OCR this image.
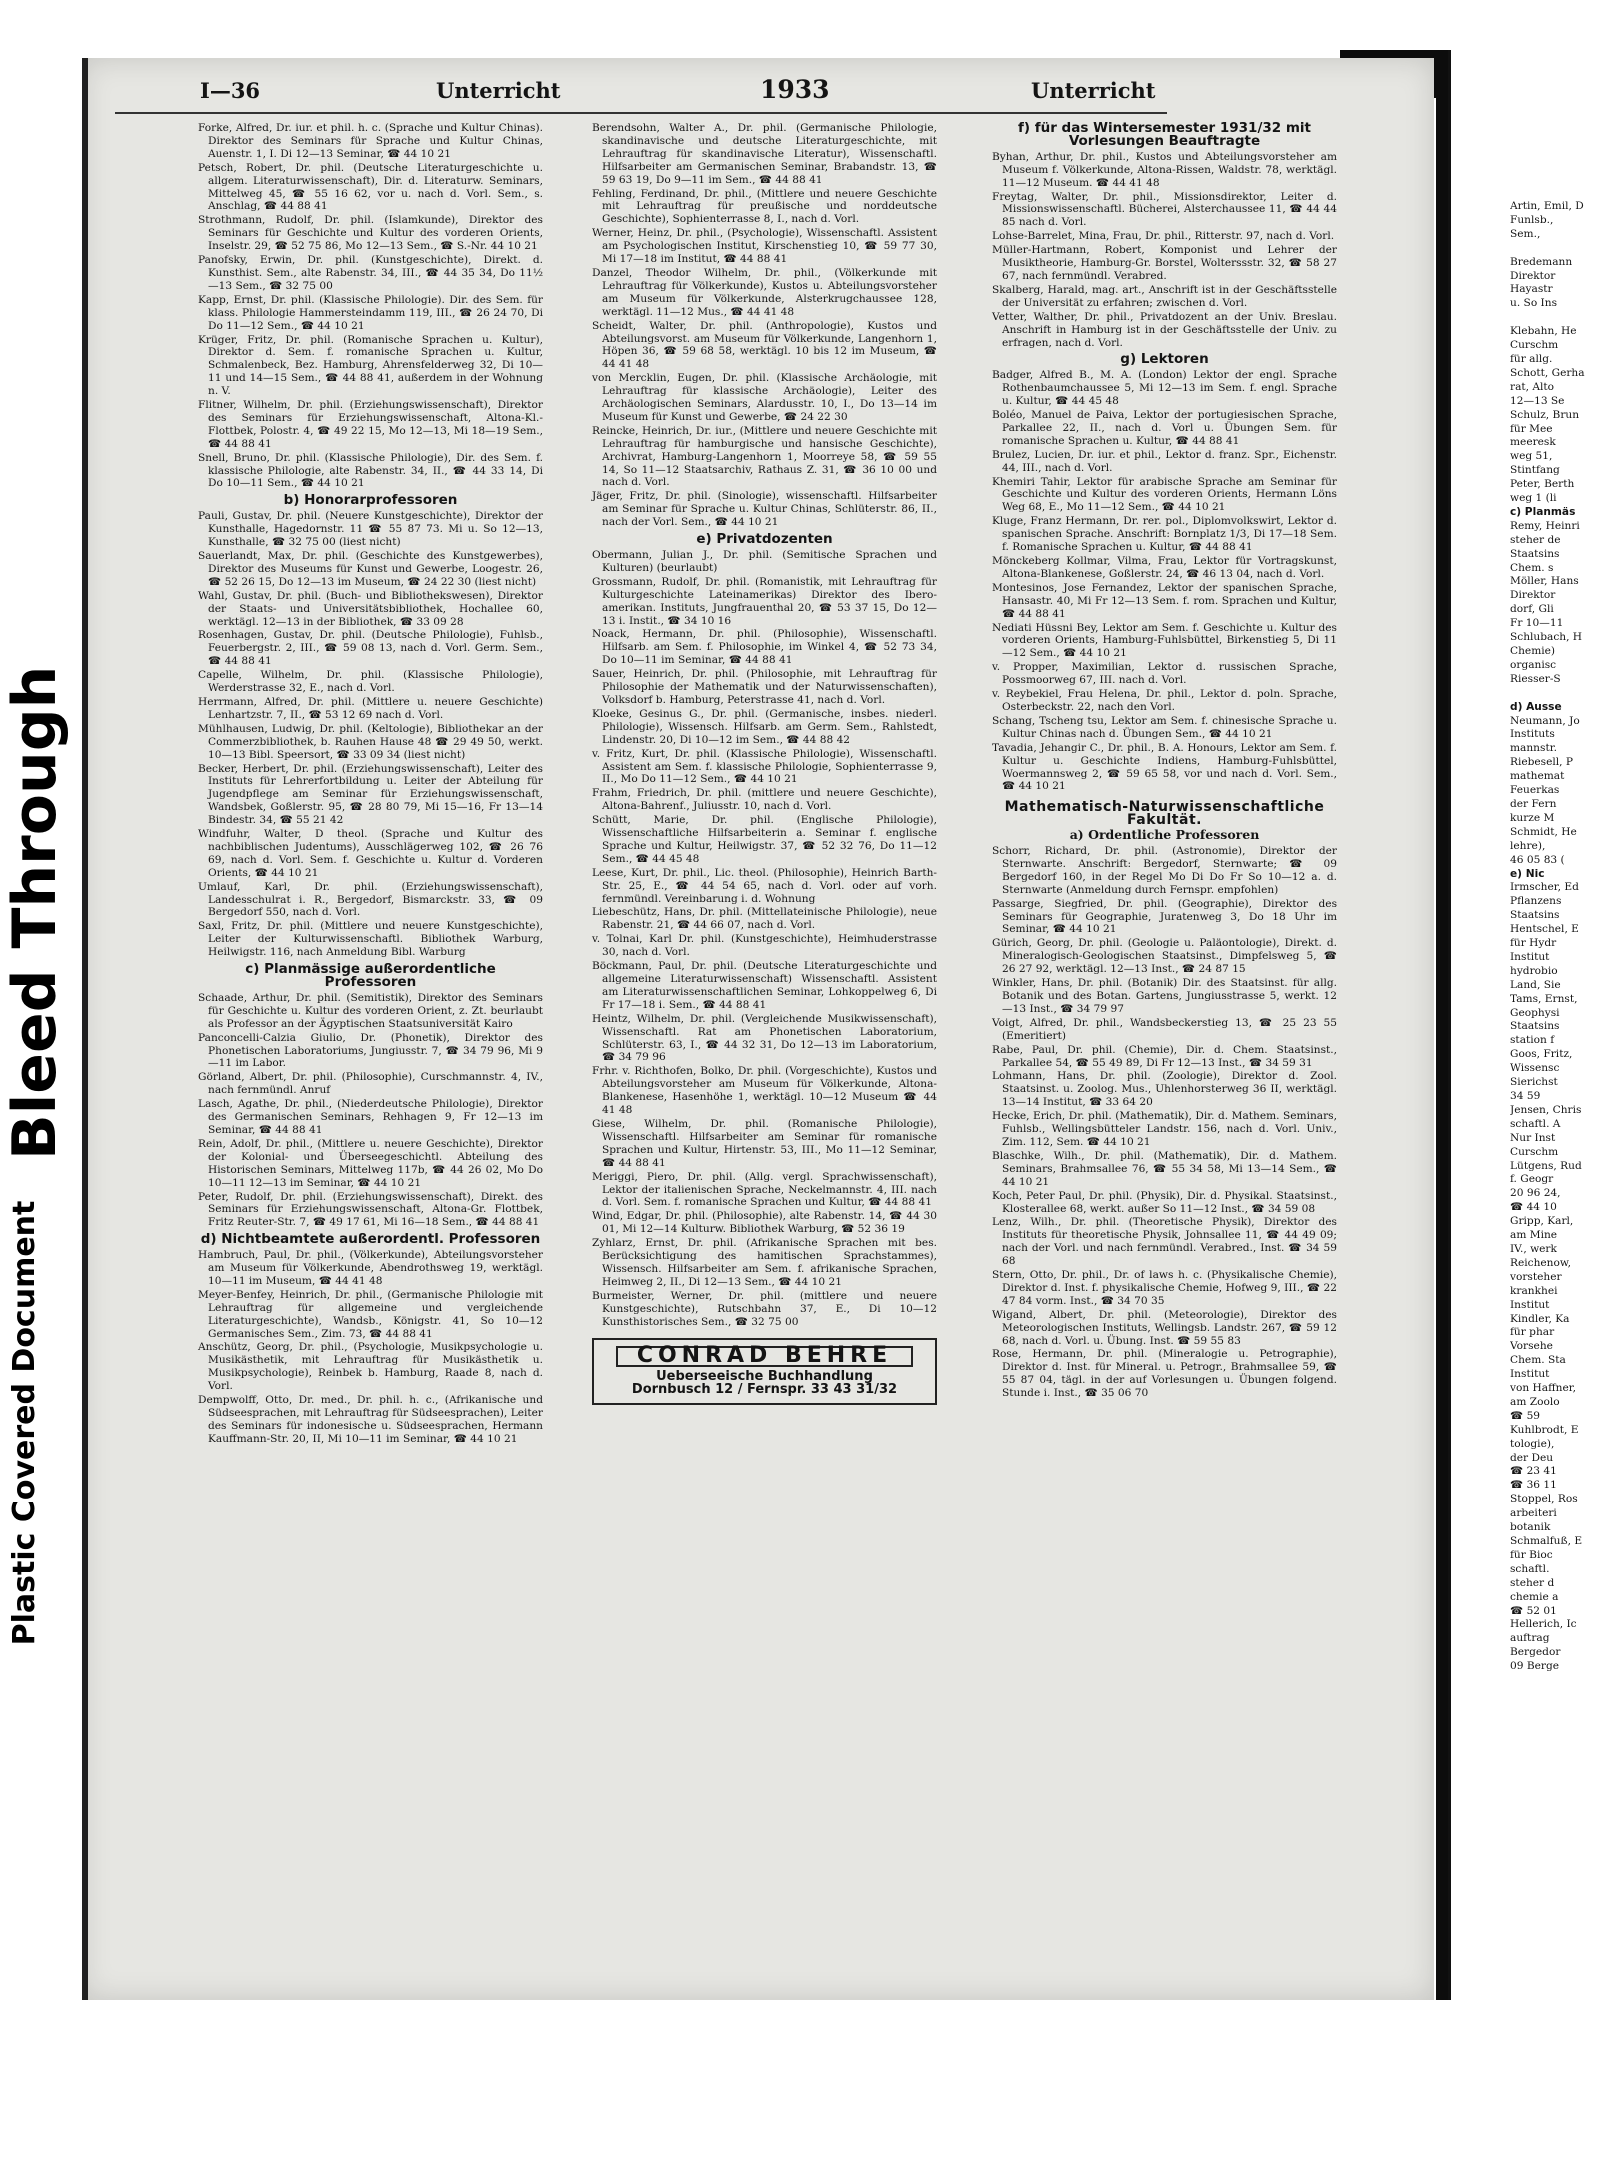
Bleed Through
Plastic Covered Document
I—36	Unterricht	1933	Unterricht

Forke, Alfred, Dr. iur. et phil. h. c. (Sprache und Kultur Chinas). Direktor des Seminars für Sprache und Kultur Chinas, Auenstr. 1, I. Di 12—13 Seminar, ☎ 44 10 21

Petsch, Robert, Dr. phil. (Deutsche Literaturgeschichte u. allgem. Literaturwissenschaft), Dir. d. Literaturw. Seminars, Mittelweg 45, ☎ 55 16 62, vor u. nach d. Vorl. Sem., s. Anschlag, ☎ 44 88 41

Strothmann, Rudolf, Dr. phil. (Islamkunde), Direktor des Seminars für Geschichte und Kultur des vorderen Orients, Inselstr. 29, ☎ 52 75 86, Mo 12—13 Sem., ☎ S.-Nr. 44 10 21

Panofsky, Erwin, Dr. phil. (Kunstgeschichte), Direkt. d. Kunsthist. Sem., alte Rabenstr. 34, III., ☎ 44 35 34, Do 11½—13 Sem., ☎ 32 75 00

Kapp, Ernst, Dr. phil. (Klassische Philologie). Dir. des Sem. für klass. Philologie Hammersteindamm 119, III., ☎ 26 24 70, Di Do 11—12 Sem., ☎ 44 10 21

Krüger, Fritz, Dr. phil. (Romanische Sprachen u. Kultur), Direktor d. Sem. f. romanische Sprachen u. Kultur, Schmalenbeck, Bez. Hamburg, Ahrensfelderweg 32, Di 10—11 und 14—15 Sem., ☎ 44 88 41, außerdem in der Wohnung n. V.

Flitner, Wilhelm, Dr. phil. (Erziehungswissenschaft), Direktor des Seminars für Erziehungswissenschaft, Altona-Kl.-Flottbek, Polostr. 4, ☎ 49 22 15, Mo 12—13, Mi 18—19 Sem., ☎ 44 88 41

Snell, Bruno, Dr. phil. (Klassische Philologie), Dir. des Sem. f. klassische Philologie, alte Rabenstr. 34, II., ☎ 44 33 14, Di Do 10—11 Sem., ☎ 44 10 21

b) Honorarprofessoren

Pauli, Gustav, Dr. phil. (Neuere Kunstgeschichte), Direktor der Kunsthalle, Hagedornstr. 11 ☎ 55 87 73. Mi u. So 12—13, Kunsthalle, ☎ 32 75 00 (liest nicht)

Sauerlandt, Max, Dr. phil. (Geschichte des Kunstgewerbes), Direktor des Museums für Kunst und Gewerbe, Loogestr. 26, ☎ 52 26 15, Do 12—13 im Museum, ☎ 24 22 30 (liest nicht)

Wahl, Gustav, Dr. phil. (Buch- und Bibliothekswesen), Direktor der Staats- und Universitätsbibliothek, Hochallee 60, werktägl. 12—13 in der Bibliothek, ☎ 33 09 28

Rosenhagen, Gustav, Dr. phil. (Deutsche Philologie), Fuhlsb., Feuerbergstr. 2, III., ☎ 59 08 13, nach d. Vorl. Germ. Sem., ☎ 44 88 41

Capelle, Wilhelm, Dr. phil. (Klassische Philologie), Werderstrasse 32, E., nach d. Vorl.

Herrmann, Alfred, Dr. phil. (Mittlere u. neuere Geschichte) Lenhartzstr. 7, II., ☎ 53 12 69 nach d. Vorl.

Mühlhausen, Ludwig, Dr. phil. (Keltologie), Bibliothekar an der Commerzbibliothek, b. Rauhen Hause 48 ☎ 29 49 50, werkt. 10—13 Bibl. Speersort, ☎ 33 09 34 (liest nicht)

Becker, Herbert, Dr. phil. (Erziehungswissenschaft), Leiter des Instituts für Lehrerfortbildung u. Leiter der Abteilung für Jugendpflege am Seminar für Erziehungswissenschaft, Wandsbek, Goßlerstr. 95, ☎ 28 80 79, Mi 15—16, Fr 13—14 Bindestr. 34, ☎ 55 21 42

Windfuhr, Walter, D theol. (Sprache und Kultur des nachbiblischen Judentums), Ausschlägerweg 102, ☎ 26 76 69, nach d. Vorl. Sem. f. Geschichte u. Kultur d. Vorderen Orients, ☎ 44 10 21

Umlauf, Karl, Dr. phil. (Erziehungswissenschaft), Landesschulrat i. R., Bergedorf, Bismarckstr. 33, ☎ 09 Bergedorf 550, nach d. Vorl.

Saxl, Fritz, Dr. phil. (Mittlere und neuere Kunstgeschichte), Leiter der Kulturwissenschaftl. Bibliothek Warburg, Heilwigstr. 116, nach Anmeldung Bibl. Warburg

c) Planmässige außerordentliche Professoren

Schaade, Arthur, Dr. phil. (Semitistik), Direktor des Seminars für Geschichte u. Kultur des vorderen Orient, z. Zt. beurlaubt als Professor an der Ägyptischen Staatsuniversität Kairo

Panconcelli-Calzia Giulio, Dr. (Phonetik), Direktor des Phonetischen Laboratoriums, Jungiusstr. 7, ☎ 34 79 96, Mi 9—11 im Labor.

Görland, Albert, Dr. phil. (Philosophie), Curschmannstr. 4, IV., nach fernmündl. Anruf

Lasch, Agathe, Dr. phil., (Niederdeutsche Philologie), Direktor des Germanischen Seminars, Rehhagen 9, Fr 12—13 im Seminar, ☎ 44 88 41

Rein, Adolf, Dr. phil., (Mittlere u. neuere Geschichte), Direktor der Kolonial- und Überseegeschichtl. Abteilung des Historischen Seminars, Mittelweg 117b, ☎ 44 26 02, Mo Do 10—11 12—13 im Seminar, ☎ 44 10 21

Peter, Rudolf, Dr. phil. (Erziehungswissenschaft), Direkt. des Seminars für Erziehungswissenschaft, Altona-Gr. Flottbek, Fritz Reuter-Str. 7, ☎ 49 17 61, Mi 16—18 Sem., ☎ 44 88 41

d) Nichtbeamtete außerordentl. Professoren

Hambruch, Paul, Dr. phil., (Völkerkunde), Abteilungsvorsteher am Museum für Völkerkunde, Abendrothsweg 19, werktägl. 10—11 im Museum, ☎ 44 41 48

Meyer-Benfey, Heinrich, Dr. phil., (Germanische Philologie mit Lehrauftrag für allgemeine und vergleichende Literaturgeschichte), Wandsb., Königstr. 41, So 10—12 Germanisches Sem., Zim. 73, ☎ 44 88 41

Anschütz, Georg, Dr. phil., (Psychologie, Musikpsychologie u. Musikästhetik, mit Lehrauftrag für Musikästhetik u. Musikpsychologie), Reinbek b. Hamburg, Raade 8, nach d. Vorl.

Dempwolff, Otto, Dr. med., Dr. phil. h. c., (Afrikanische und Südseesprachen, mit Lehrauftrag für Südseesprachen), Leiter des Seminars für indonesische u. Südseesprachen, Hermann Kauffmann-Str. 20, II, Mi 10—11 im Seminar, ☎ 44 10 21

Berendsohn, Walter A., Dr. phil. (Germanische Philologie, skandinavische und deutsche Literaturgeschichte, mit Lehrauftrag für skandinavische Literatur), Wissenschaftl. Hilfsarbeiter am Germanischen Seminar, Brabandstr. 13, ☎ 59 63 19, Do 9—11 im Sem., ☎ 44 88 41

Fehling, Ferdinand, Dr. phil., (Mittlere und neuere Geschichte mit Lehrauftrag für preußische und norddeutsche Geschichte), Sophienterrasse 8, I., nach d. Vorl.

Werner, Heinz, Dr. phil., (Psychologie), Wissenschaftl. Assistent am Psychologischen Institut, Kirschenstieg 10, ☎ 59 77 30, Mi 17—18 im Institut, ☎ 44 88 41

Danzel, Theodor Wilhelm, Dr. phil., (Völkerkunde mit Lehrauftrag für Völkerkunde), Kustos u. Abteilungsvorsteher am Museum für Völkerkunde, Alsterkrugchaussee 128, werktägl. 11—12 Mus., ☎ 44 41 48

Scheidt, Walter, Dr. phil. (Anthropologie), Kustos und Abteilungsvorst. am Museum für Völkerkunde, Langenhorn 1, Höpen 36, ☎ 59 68 58, werktägl. 10 bis 12 im Museum, ☎ 44 41 48

von Mercklin, Eugen, Dr. phil. (Klassische Archäologie, mit Lehrauftrag für klassische Archäologie), Leiter des Archäologischen Seminars, Alardusstr. 10, I., Do 13—14 im Museum für Kunst und Gewerbe, ☎ 24 22 30

Reincke, Heinrich, Dr. iur., (Mittlere und neuere Geschichte mit Lehrauftrag für hamburgische und hansische Geschichte), Archivrat, Hamburg-Langenhorn 1, Moorreye 58, ☎ 59 55 14, So 11—12 Staatsarchiv, Rathaus Z. 31, ☎ 36 10 00 und nach d. Vorl.

Jäger, Fritz, Dr. phil. (Sinologie), wissenschaftl. Hilfsarbeiter am Seminar für Sprache u. Kultur Chinas, Schlüterstr. 86, II., nach der Vorl. Sem., ☎ 44 10 21

e) Privatdozenten

Obermann, Julian J., Dr. phil. (Semitische Sprachen und Kulturen) (beurlaubt)

Grossmann, Rudolf, Dr. phil. (Romanistik, mit Lehrauftrag für Kulturgeschichte Lateinamerikas) Direktor des Ibero-amerikan. Instituts, Jungfrauenthal 20, ☎ 53 37 15, Do 12—13 i. Instit., ☎ 34 10 16

Noack, Hermann, Dr. phil. (Philosophie), Wissenschaftl. Hilfsarb. am Sem. f. Philosophie, im Winkel 4, ☎ 52 73 34, Do 10—11 im Seminar, ☎ 44 88 41

Sauer, Heinrich, Dr. phil. (Philosophie, mit Lehrauftrag für Philosophie der Mathematik und der Naturwissenschaften), Volksdorf b. Hamburg, Peterstrasse 41, nach d. Vorl.

Kloeke, Gesinus G., Dr. phil. (Germanische, insbes. niederl. Philologie), Wissensch. Hilfsarb. am Germ. Sem., Rahlstedt, Lindenstr. 20, Di 10—12 im Sem., ☎ 44 88 42

v. Fritz, Kurt, Dr. phil. (Klassische Philologie), Wissenschaftl. Assistent am Sem. f. klassische Philologie, Sophienterrasse 9, II., Mo Do 11—12 Sem., ☎ 44 10 21

Frahm, Friedrich, Dr. phil. (mittlere und neuere Geschichte), Altona-Bahrenf., Juliusstr. 10, nach d. Vorl.

Schütt, Marie, Dr. phil. (Englische Philologie), Wissenschaftliche Hilfsarbeiterin a. Seminar f. englische Sprache und Kultur, Heilwigstr. 37, ☎ 52 32 76, Do 11—12 Sem., ☎ 44 45 48

Leese, Kurt, Dr. phil., Lic. theol. (Philosophie), Heinrich Barth-Str. 25, E., ☎ 44 54 65, nach d. Vorl. oder auf vorh. fernmündl. Vereinbarung i. d. Wohnung

Liebeschütz, Hans, Dr. phil. (Mittellateinische Philologie), neue Rabenstr. 21, ☎ 44 66 07, nach d. Vorl.

v. Tolnai, Karl Dr. phil. (Kunstgeschichte), Heimhuderstrasse 30, nach d. Vorl.

Böckmann, Paul, Dr. phil. (Deutsche Literaturgeschichte und allgemeine Literaturwissenschaft) Wissenschaftl. Assistent am Literaturwissenschaftlichen Seminar, Lohkoppelweg 6, Di Fr 17—18 i. Sem., ☎ 44 88 41

Heintz, Wilhelm, Dr. phil. (Vergleichende Musikwissenschaft), Wissenschaftl. Rat am Phonetischen Laboratorium, Schlüterstr. 63, I., ☎ 44 32 31, Do 12—13 im Laboratorium, ☎ 34 79 96

Frhr. v. Richthofen, Bolko, Dr. phil. (Vorgeschichte), Kustos und Abteilungsvorsteher am Museum für Völkerkunde, Altona-Blankenese, Hasenhöhe 1, werktägl. 10—12 Museum ☎ 44 41 48

Giese, Wilhelm, Dr. phil. (Romanische Philologie), Wissenschaftl. Hilfsarbeiter am Seminar für romanische Sprachen und Kultur, Hirtenstr. 53, III., Mo 11—12 Seminar, ☎ 44 88 41

Meriggi, Piero, Dr. phil. (Allg. vergl. Sprachwissenschaft), Lektor der italienischen Sprache, Neckelmannstr. 4, III. nach d. Vorl. Sem. f. romanische Sprachen und Kultur, ☎ 44 88 41

Wind, Edgar, Dr. phil. (Philosophie), alte Rabenstr. 14, ☎ 44 30 01, Mi 12—14 Kulturw. Bibliothek Warburg, ☎ 52 36 19

Zyhlarz, Ernst, Dr. phil. (Afrikanische Sprachen mit bes. Berücksichtigung des hamitischen Sprachstammes), Wissensch. Hilfsarbeiter am Sem. f. afrikanische Sprachen, Heimweg 2, II., Di 12—13 Sem., ☎ 44 10 21

Burmeister, Werner, Dr. phil. (mittlere und neuere Kunstgeschichte), Rutschbahn 37, E., Di 10—12 Kunsthistorisches Sem., ☎ 32 75 00

CONRAD BEHRE
Ueberseeische Buchhandlung
Dornbusch 12 / Fernspr. 33 43 31/32
f) für das Wintersemester 1931/32 mit Vorlesungen Beauftragte

Byhan, Arthur, Dr. phil., Kustos und Abteilungsvorsteher am Museum f. Völkerkunde, Altona-Rissen, Waldstr. 78, werktägl. 11—12 Museum. ☎ 44 41 48

Freytag, Walter, Dr. phil., Missionsdirektor, Leiter d. Missionswissenschaftl. Bücherei, Alsterchaussee 11, ☎ 44 44 85 nach d. Vorl.

Lohse-Barrelet, Mina, Frau, Dr. phil., Ritterstr. 97, nach d. Vorl.

Müller-Hartmann, Robert, Komponist und Lehrer der Musiktheorie, Hamburg-Gr. Borstel, Wolterssstr. 32, ☎ 58 27 67, nach fernmündl. Verabred.

Skalberg, Harald, mag. art., Anschrift ist in der Geschäftsstelle der Universität zu erfahren; zwischen d. Vorl.

Vetter, Walther, Dr. phil., Privatdozent an der Univ. Breslau. Anschrift in Hamburg ist in der Geschäftsstelle der Univ. zu erfragen, nach d. Vorl.

g) Lektoren

Badger, Alfred B., M. A. (London) Lektor der engl. Sprache Rothenbaumchaussee 5, Mi 12—13 im Sem. f. engl. Sprache u. Kultur, ☎ 44 45 48

Boléo, Manuel de Paiva, Lektor der portugiesischen Sprache, Parkallee 22, II., nach d. Vorl u. Übungen Sem. für romanische Sprachen u. Kultur, ☎ 44 88 41

Brulez, Lucien, Dr. iur. et phil., Lektor d. franz. Spr., Eichenstr. 44, III., nach d. Vorl.

Khemiri Tahir, Lektor für arabische Sprache am Seminar für Geschichte und Kultur des vorderen Orients, Hermann Löns Weg 68, E., Mo 11—12 Sem., ☎ 44 10 21

Kluge, Franz Hermann, Dr. rer. pol., Diplomvolkswirt, Lektor d. spanischen Sprache. Anschrift: Bornplatz 1/3, Di 17—18 Sem. f. Romanische Sprachen u. Kultur, ☎ 44 88 41

Mönckeberg Kollmar, Vilma, Frau, Lektor für Vortragskunst, Altona-Blankenese, Goßlerstr. 24, ☎ 46 13 04, nach d. Vorl.

Montesinos, Jose Fernandez, Lektor der spanischen Sprache, Hansastr. 40, Mi Fr 12—13 Sem. f. rom. Sprachen und Kultur, ☎ 44 88 41

Nediati Hüssni Bey, Lektor am Sem. f. Geschichte u. Kultur des vorderen Orients, Hamburg-Fuhlsbüttel, Birkenstieg 5, Di 11—12 Sem., ☎ 44 10 21

v. Propper, Maximilian, Lektor d. russischen Sprache, Possmoorweg 67, III. nach d. Vorl.

v. Reybekiel, Frau Helena, Dr. phil., Lektor d. poln. Sprache, Osterbeckstr. 22, nach den Vorl.

Schang, Tscheng tsu, Lektor am Sem. f. chinesische Sprache u. Kultur Chinas nach d. Übungen Sem., ☎ 44 10 21

Tavadia, Jehangir C., Dr. phil., B. A. Honours, Lektor am Sem. f. Kultur u. Geschichte Indiens, Hamburg-Fuhlsbüttel, Woermannsweg 2, ☎ 59 65 58, vor und nach d. Vorl. Sem., ☎ 44 10 21

Mathematisch-Naturwissenschaftliche Fakultät.
a) Ordentliche Professoren

Schorr, Richard, Dr. phil. (Astronomie), Direktor der Sternwarte. Anschrift: Bergedorf, Sternwarte; ☎ 09 Bergedorf 160, in der Regel Mo Di Do Fr So 10—12 a. d. Sternwarte (Anmeldung durch Fernspr. empfohlen)

Passarge, Siegfried, Dr. phil. (Geographie), Direktor des Seminars für Geographie, Juratenweg 3, Do 18 Uhr im Seminar, ☎ 44 10 21

Gürich, Georg, Dr. phil. (Geologie u. Paläontologie), Direkt. d. Mineralogisch-Geologischen Staatsinst., Dimpfelsweg 5, ☎ 26 27 92, werktägl. 12—13 Inst., ☎ 24 87 15

Winkler, Hans, Dr. phil. (Botanik) Dir. des Staatsinst. für allg. Botanik und des Botan. Gartens, Jungiusstrasse 5, werkt. 12—13 Inst., ☎ 34 79 97

Voigt, Alfred, Dr. phil., Wandsbeckerstieg 13, ☎ 25 23 55 (Emeritiert)

Rabe, Paul, Dr. phil. (Chemie), Dir. d. Chem. Staatsinst., Parkallee 54, ☎ 55 49 89, Di Fr 12—13 Inst., ☎ 34 59 31

Lohmann, Hans, Dr. phil. (Zoologie), Direktor d. Zool. Staatsinst. u. Zoolog. Mus., Uhlenhorsterweg 36 II, werktägl. 13—14 Institut, ☎ 33 64 20

Hecke, Erich, Dr. phil. (Mathematik), Dir. d. Mathem. Seminars, Fuhlsb., Wellingsbütteler Landstr. 156, nach d. Vorl. Univ., Zim. 112, Sem. ☎ 44 10 21

Blaschke, Wilh., Dr. phil. (Mathematik), Dir. d. Mathem. Seminars, Brahmsallee 76, ☎ 55 34 58, Mi 13—14 Sem., ☎ 44 10 21

Koch, Peter Paul, Dr. phil. (Physik), Dir. d. Physikal. Staatsinst., Klosterallee 68, werkt. außer So 11—12 Inst., ☎ 34 59 08

Lenz, Wilh., Dr. phil. (Theoretische Physik), Direktor des Instituts für theoretische Physik, Johnsallee 11, ☎ 44 49 09; nach der Vorl. und nach fernmündl. Verabred., Inst. ☎ 34 59 68

Stern, Otto, Dr. phil., Dr. of laws h. c. (Physikalische Chemie), Direktor d. Inst. f. physikalische Chemie, Hofweg 9, III., ☎ 22 47 84 vorm. Inst., ☎ 34 70 35

Wigand, Albert, Dr. phil. (Meteorologie), Direktor des Meteorologischen Instituts, Wellingsb. Landstr. 267, ☎ 59 12 68, nach d. Vorl. u. Übung. Inst. ☎ 59 55 83

Rose, Hermann, Dr. phil. (Mineralogie u. Petrographie), Direktor d. Inst. für Mineral. u. Petrogr., Brahmsallee 59, ☎ 55 87 04, tägl. in der auf Vorlesungen u. Übungen folgend. Stunde i. Inst., ☎ 35 06 70

Artin, Emil, D

Funlsb.,

Sem.,

Bredemann

Direktor

Hayastr

u. So Ins

Klebahn, He

Curschm

für allg.

Schott, Gerha

rat, Alto

12—13 Se

Schulz, Brun

für Mee

meeresk

weg 51,

Stintfang

Peter, Berth

weg 1 (li

c) Planmäs

Remy, Heinri

steher de

Staatsins

Chem. s

Möller, Hans

Direktor

dorf, Gli

Fr 10—11

Schlubach, H

Chemie)

organisc

Riesser-S

d) Ausse

Neumann, Jo

Instituts

mannstr.

Riebesell, P

mathemat

Feuerkas

der Fern

kurze M

Schmidt, He

lehre),

46 05 83 (

e) Nic

Irmscher, Ed

Pflanzens

Staatsins

Hentschel, E

für Hydr

Institut

hydrobio

Land, Sie

Tams, Ernst,

Geophysi

Staatsins

station f

Goos, Fritz,

Wissensc

Sierichst

34 59

Jensen, Chris

schaftl. A

Nur Inst

Curschm

Lütgens, Rud

f. Geogr

20 96 24,

☎ 44 10

Gripp, Karl,

am Mine

IV., werk

Reichenow,

vorsteher

krankhei

Institut

Kindler, Ka

für phar

Vorsehe

Chem. Sta

Institut

von Haffner,

am Zoolo

☎ 59

Kuhlbrodt, E

tologie),

der Deu

☎ 23 41

☎ 36 11

Stoppel, Ros

arbeiteri

botanik

Schmalfuß, E

für Bioc

schaftl.

steher d

chemie a

☎ 52 01

Hellerich, Ic

auftrag

Bergedor

09 Berge
